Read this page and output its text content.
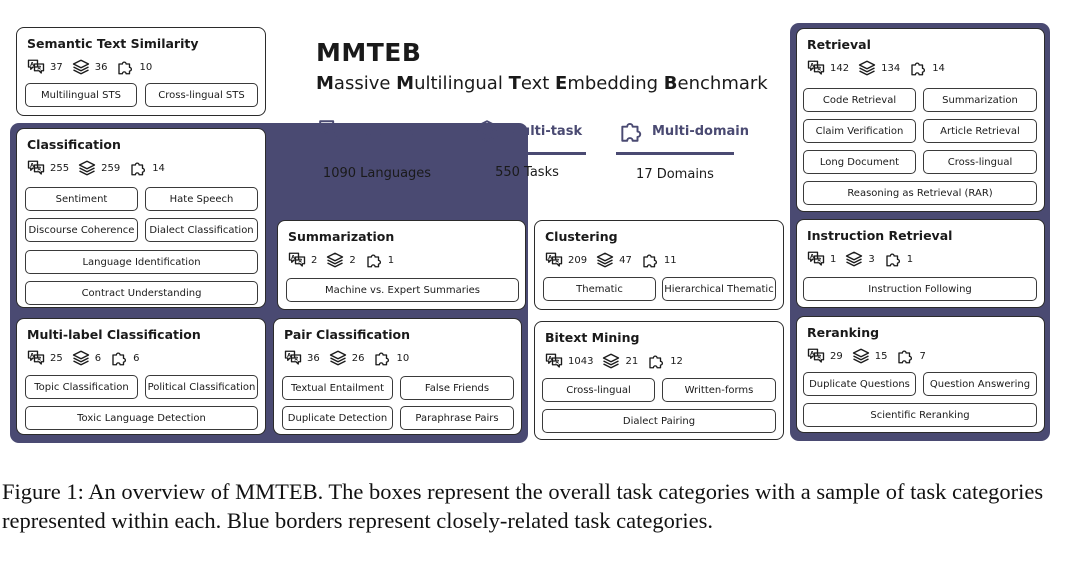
MMTEB
Massive Multilingual Text Embedding Benchmark
Multilingual
1090 Languages
Multi-task
550 Tasks
Multi-domain
17 Domains
Semantic Text Similarity
37	36	10
Multilingual STS	Cross-lingual STS
Classification
255	259	14
Sentiment	Hate Speech
Discourse Coherence	Dialect Classification
Language Identification
Contract Understanding
Multi-label Classification
25	6	6
Topic Classification	Political Classification
Toxic Language Detection
Summarization
2	2	1
Machine vs. Expert Summaries
Pair Classification
36	26	10
Textual Entailment	False Friends
Duplicate Detection	Paraphrase Pairs
Clustering
209	47	11
Thematic	Hierarchical Thematic
Bitext Mining
1043	21	12
Cross-lingual	Written-forms
Dialect Pairing
Retrieval
142	134	14
Code Retrieval	Summarization
Claim Verification	Article Retrieval
Long Document	Cross-lingual
Reasoning as Retrieval (RAR)
Instruction Retrieval
1	3	1
Instruction Following
Reranking
29	15	7
Duplicate Questions	Question Answering
Scientific Reranking
Figure 1: An overview of MMTEB. The boxes represent the overall task categories with a sample of task categories represented within each. Blue borders represent closely-related task categories.
